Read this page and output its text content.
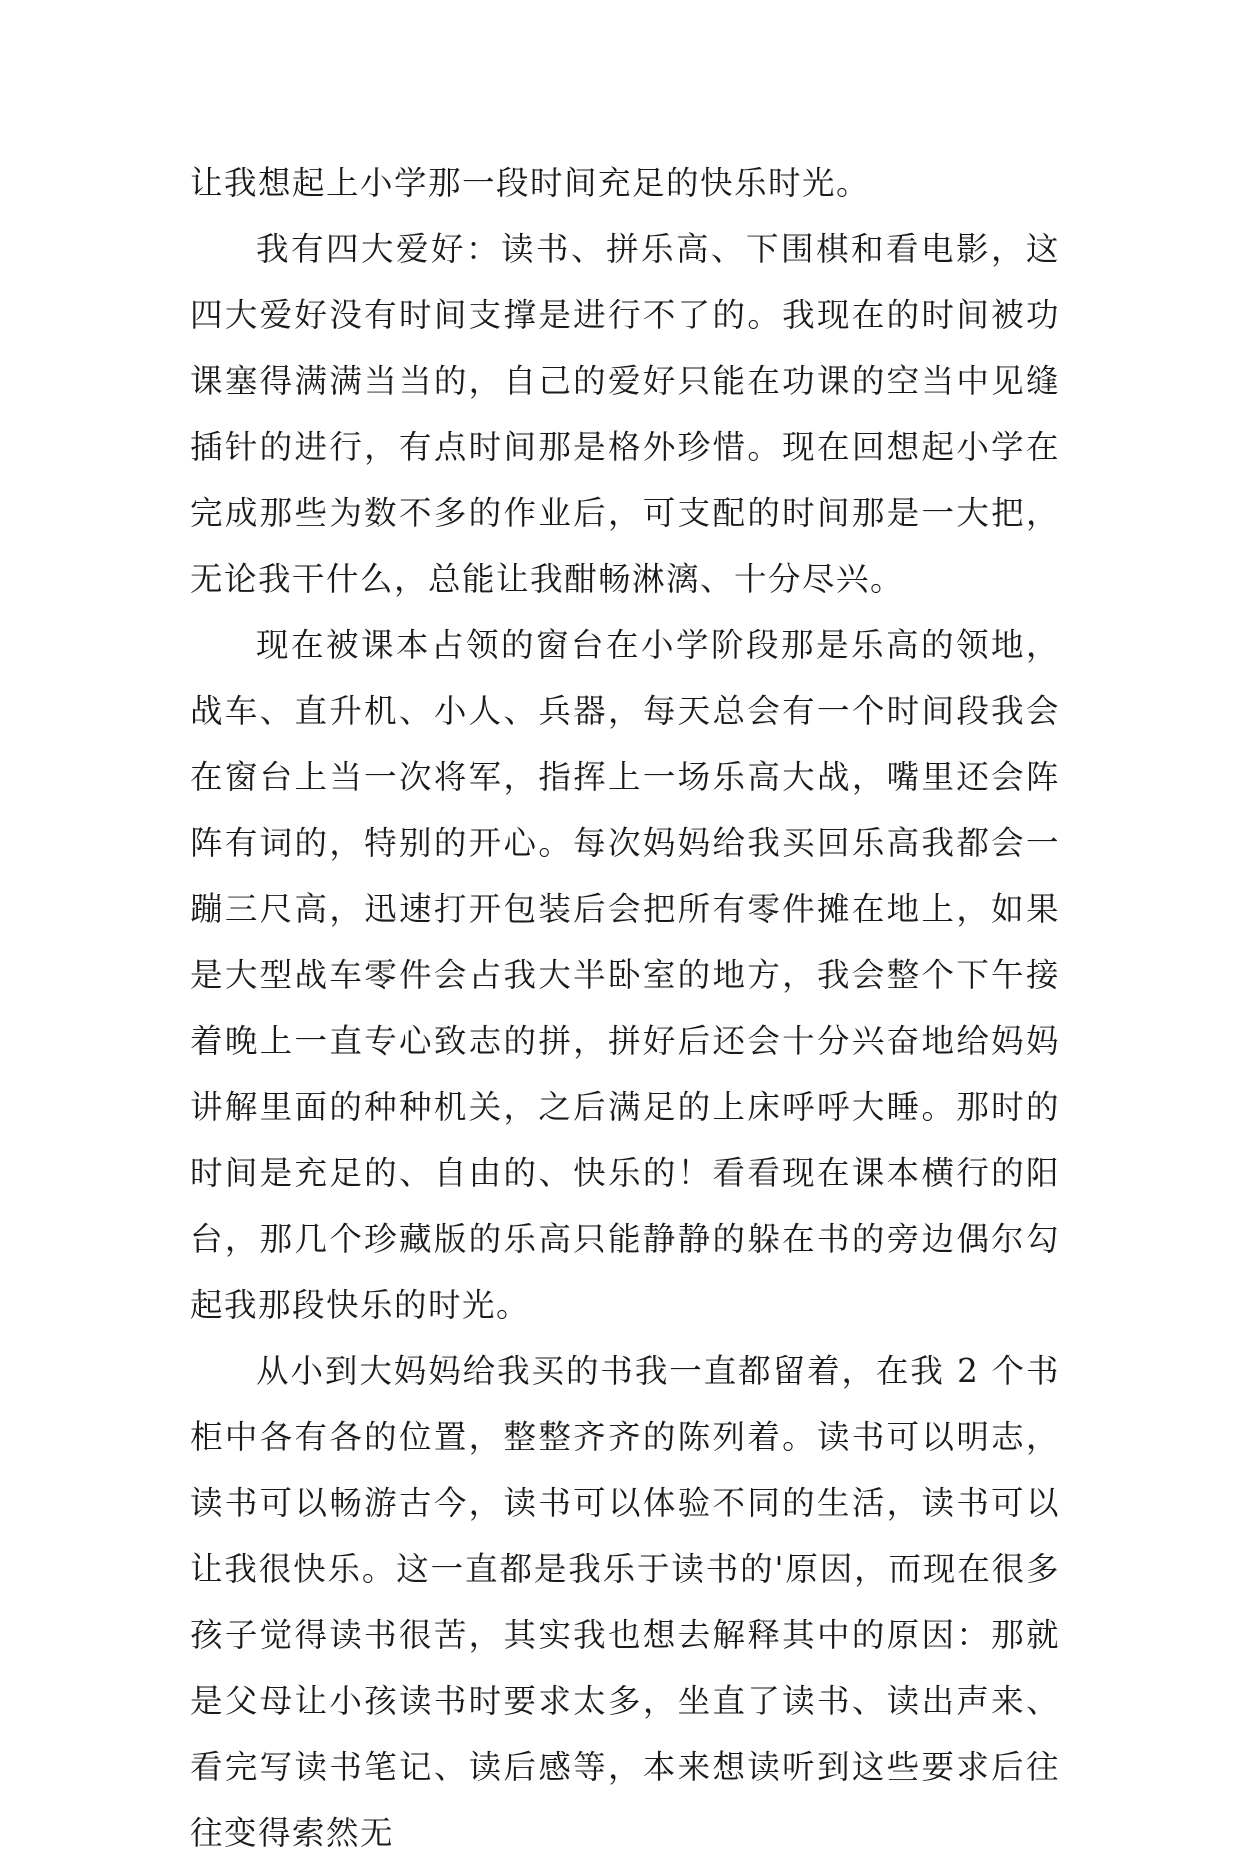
让我想起上小学那一段时间充足的快乐时光。

我有四大爱好：读书、拼乐高、下围棋和看电影，这四大爱好没有时间支撑是进行不了的。我现在的时间被功课塞得满满当当的，自己的爱好只能在功课的空当中见缝插针的进行，有点时间那是格外珍惜。现在回想起小学在完成那些为数不多的作业后，可支配的时间那是一大把，无论我干什么，总能让我酣畅淋漓、十分尽兴。

现在被课本占领的窗台在小学阶段那是乐高的领地，战车、直升机、小人、兵器，每天总会有一个时间段我会在窗台上当一次将军，指挥上一场乐高大战，嘴里还会阵阵有词的，特别的开心。每次妈妈给我买回乐高我都会一蹦三尺高，迅速打开包装后会把所有零件摊在地上，如果是大型战车零件会占我大半卧室的地方，我会整个下午接着晚上一直专心致志的拼，拼好后还会十分兴奋地给妈妈讲解里面的种种机关，之后满足的上床呼呼大睡。那时的时间是充足的、自由的、快乐的！看看现在课本横行的阳台，那几个珍藏版的乐高只能静静的躲在书的旁边偶尔勾起我那段快乐的时光。

从小到大妈妈给我买的书我一直都留着，在我 2 个书柜中各有各的位置，整整齐齐的陈列着。读书可以明志，读书可以畅游古今，读书可以体验不同的生活，读书可以让我很快乐。这一直都是我乐于读书的'原因，而现在很多孩子觉得读书很苦，其实我也想去解释其中的原因：那就是父母让小孩读书时要求太多，坐直了读书、读出声来、看完写读书笔记、读后感等，本来想读听到这些要求后往往变得索然无
